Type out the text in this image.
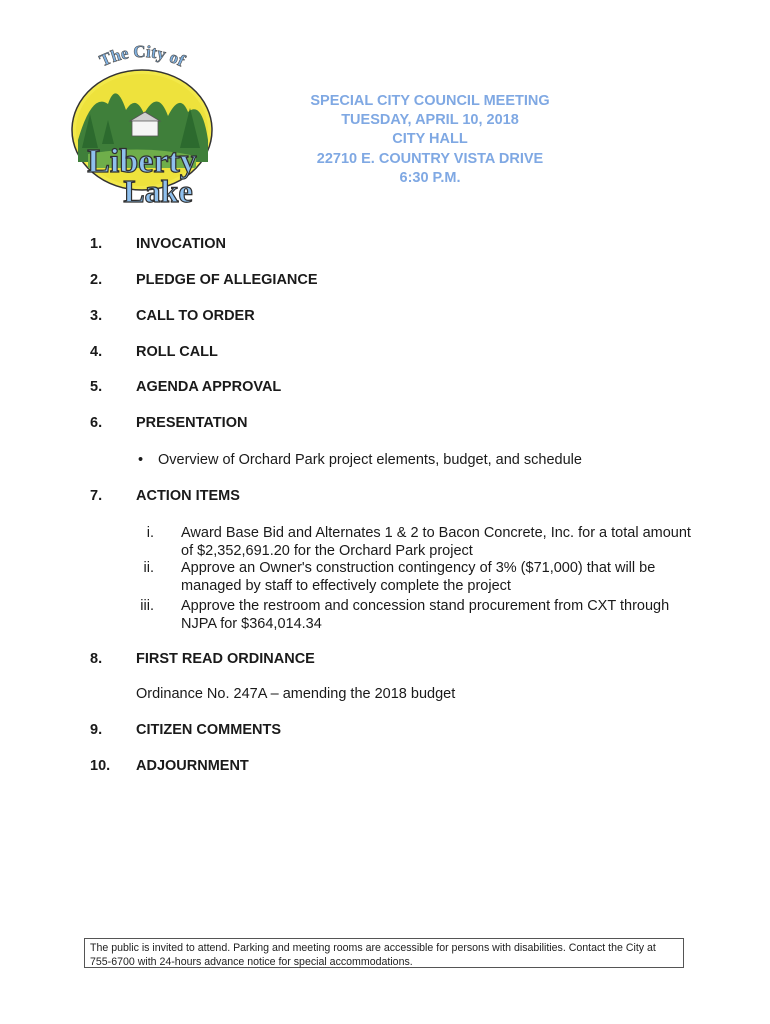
The City of
Liberty
Lake
SPECIAL CITY COUNCIL MEETING
TUESDAY, APRIL 10, 2018
CITY HALL
22710 E. COUNTRY VISTA DRIVE
6:30 P.M.
1. INVOCATION
2. PLEDGE OF ALLEGIANCE
3. CALL TO ORDER
4. ROLL CALL
5. AGENDA APPROVAL
6. PRESENTATION
• Overview of Orchard Park project elements, budget, and schedule
7. ACTION ITEMS
i. Award Base Bid and Alternates 1 & 2 to Bacon Concrete, Inc. for a total amount of $2,352,691.20 for the Orchard Park project
ii. Approve an Owner's construction contingency of 3% ($71,000) that will be managed by staff to effectively complete the project
iii. Approve the restroom and concession stand procurement from CXT through NJPA for $364,014.34
8. FIRST READ ORDINANCE
Ordinance No. 247A – amending the 2018 budget
9. CITIZEN COMMENTS
10. ADJOURNMENT
The public is invited to attend. Parking and meeting rooms are accessible for persons with disabilities. Contact the City at 755-6700 with 24-hours advance notice for special accommodations.
